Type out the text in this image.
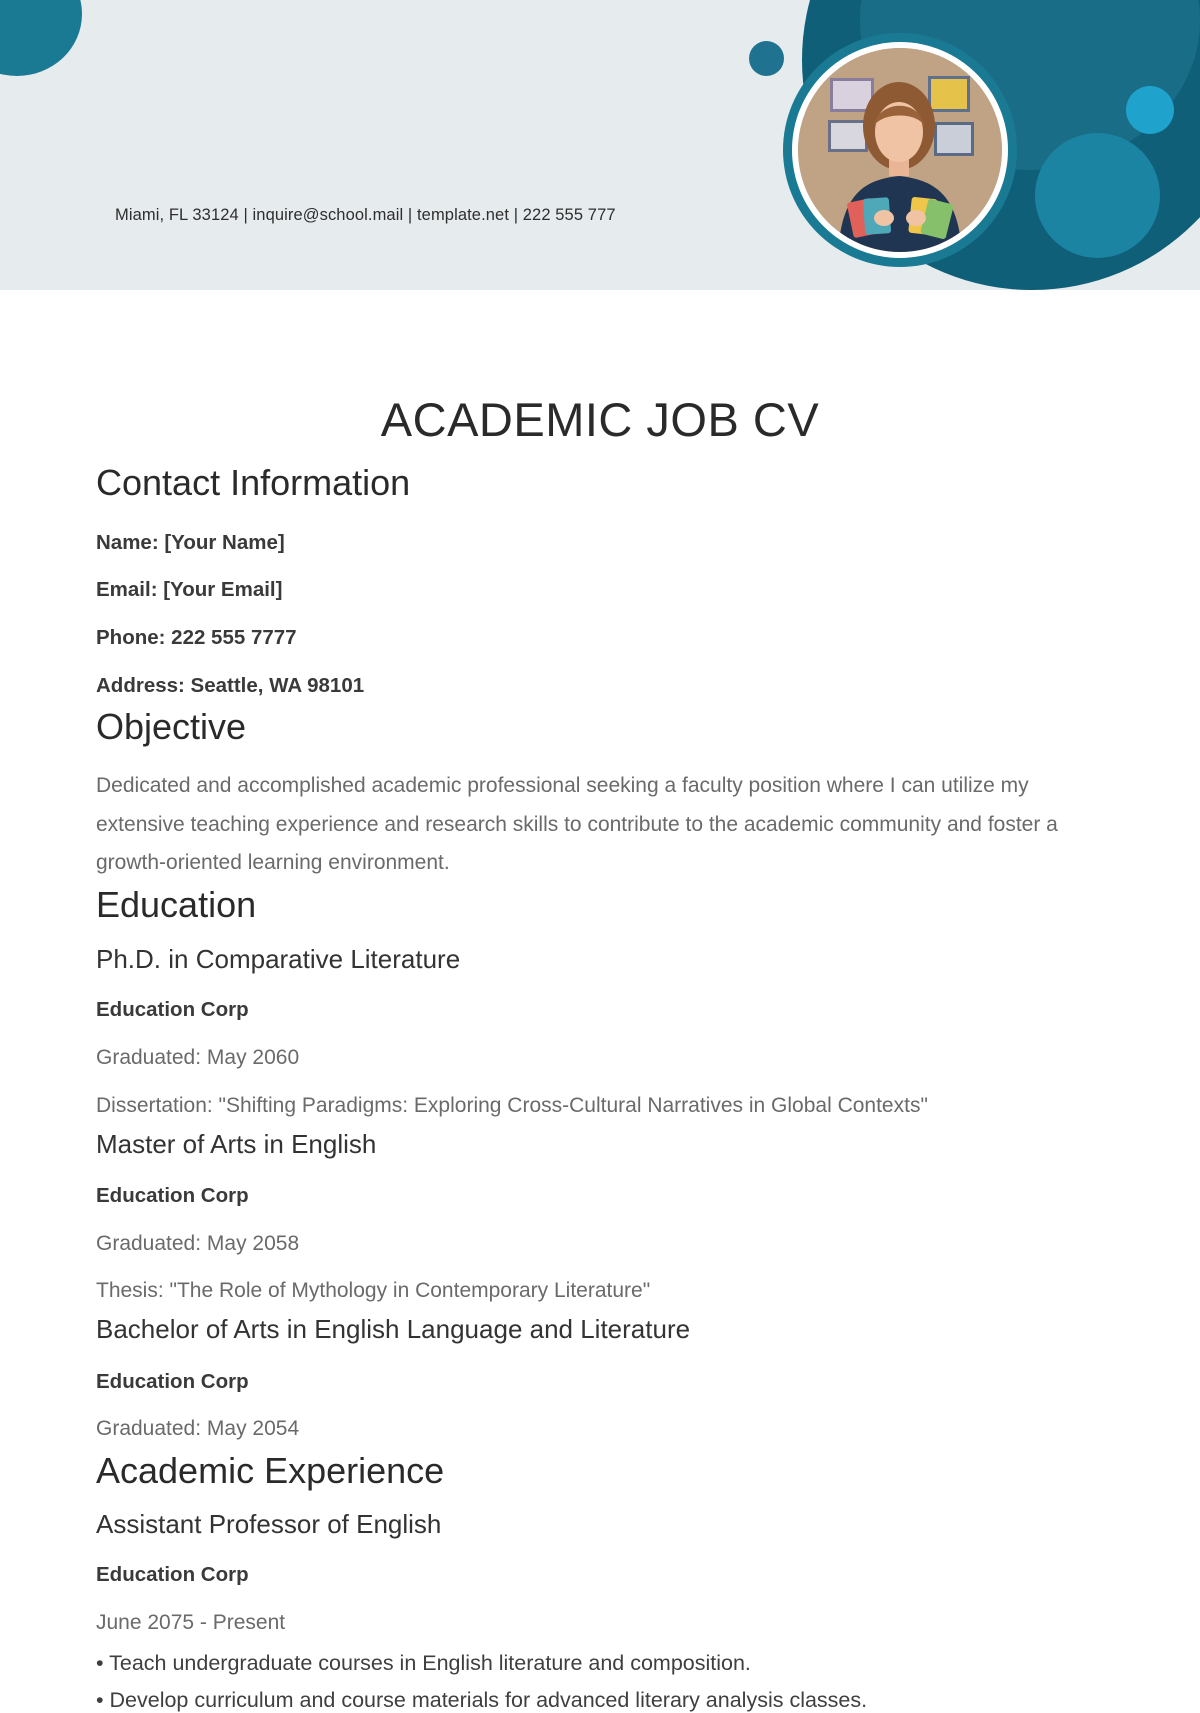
Miami, FL 33124 | inquire@school.mail | template.net | 222 555 777
ACADEMIC JOB CV
Contact Information
Name: [Your Name]
Email: [Your Email]
Phone: 222 555 7777
Address: Seattle, WA 98101
Objective

Dedicated and accomplished academic professional seeking a faculty position where I can utilize my extensive teaching experience and research skills to contribute to the academic community and foster a growth-oriented learning environment.

Education
Ph.D. in Comparative Literature
Education Corp
Graduated: May 2060
Dissertation: "Shifting Paradigms: Exploring Cross-Cultural Narratives in Global Contexts"
Master of Arts in English
Education Corp
Graduated: May 2058
Thesis: "The Role of Mythology in Contemporary Literature"
Bachelor of Arts in English Language and Literature
Education Corp
Graduated: May 2054
Academic Experience
Assistant Professor of English
Education Corp
June 2075 - Present
• Teach undergraduate courses in English literature and composition.
• Develop curriculum and course materials for advanced literary analysis classes.
